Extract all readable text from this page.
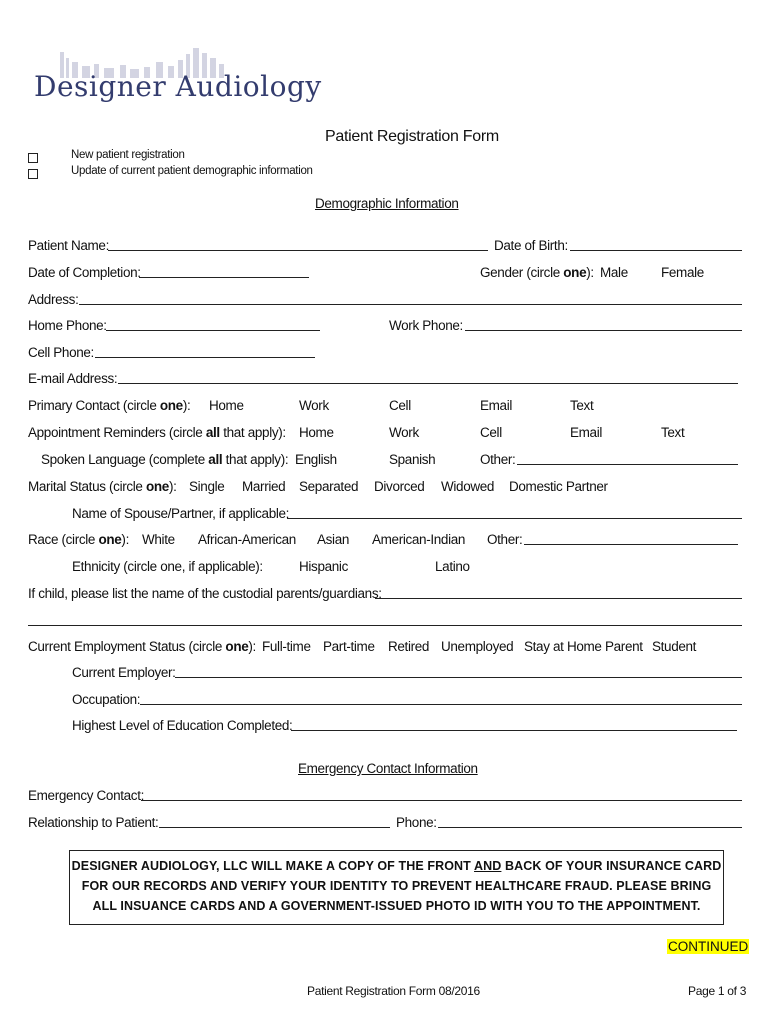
Designer Audiology
Patient Registration Form
New patient registration
Update of current patient demographic information
Demographic Information
Patient Name:	Date of Birth:
Date of Completion:	Gender (circle one): Male Female
Address:
Home Phone:	Work Phone:
Cell Phone:
E-mail Address:
Primary Contact (circle one): Home	Work	Cell	Email	Text
Appointment Reminders (circle all that apply): Home	Work	Cell	Email	Text
Spoken Language (complete all that apply): English	Spanish	Other:
Marital Status (circle one): Single Married Separated Divorced Widowed Domestic Partner
Name of Spouse/Partner, if applicable:
Race (circle one): White African-American Asian American-Indian Other:
Ethnicity (circle one, if applicable):	Hispanic	Latino
If child, please list the name of the custodial parents/guardians:
Current Employment Status (circle one): Full-time Part-time Retired Unemployed Stay at Home Parent Student
Current Employer:
Occupation:
Highest Level of Education Completed:
Emergency Contact Information
Emergency Contact:
Relationship to Patient:	Phone:

DESIGNER AUDIOLOGY, LLC WILL MAKE A COPY OF THE FRONT AND BACK OF YOUR INSURANCE CARD

FOR OUR RECORDS AND VERIFY YOUR IDENTITY TO PREVENT HEALTHCARE FRAUD. PLEASE BRING

ALL INSUANCE CARDS AND A GOVERNMENT-ISSUED PHOTO ID WITH YOU TO THE APPOINTMENT.

CONTINUED
Patient Registration Form 08/2016	Page 1 of 3
